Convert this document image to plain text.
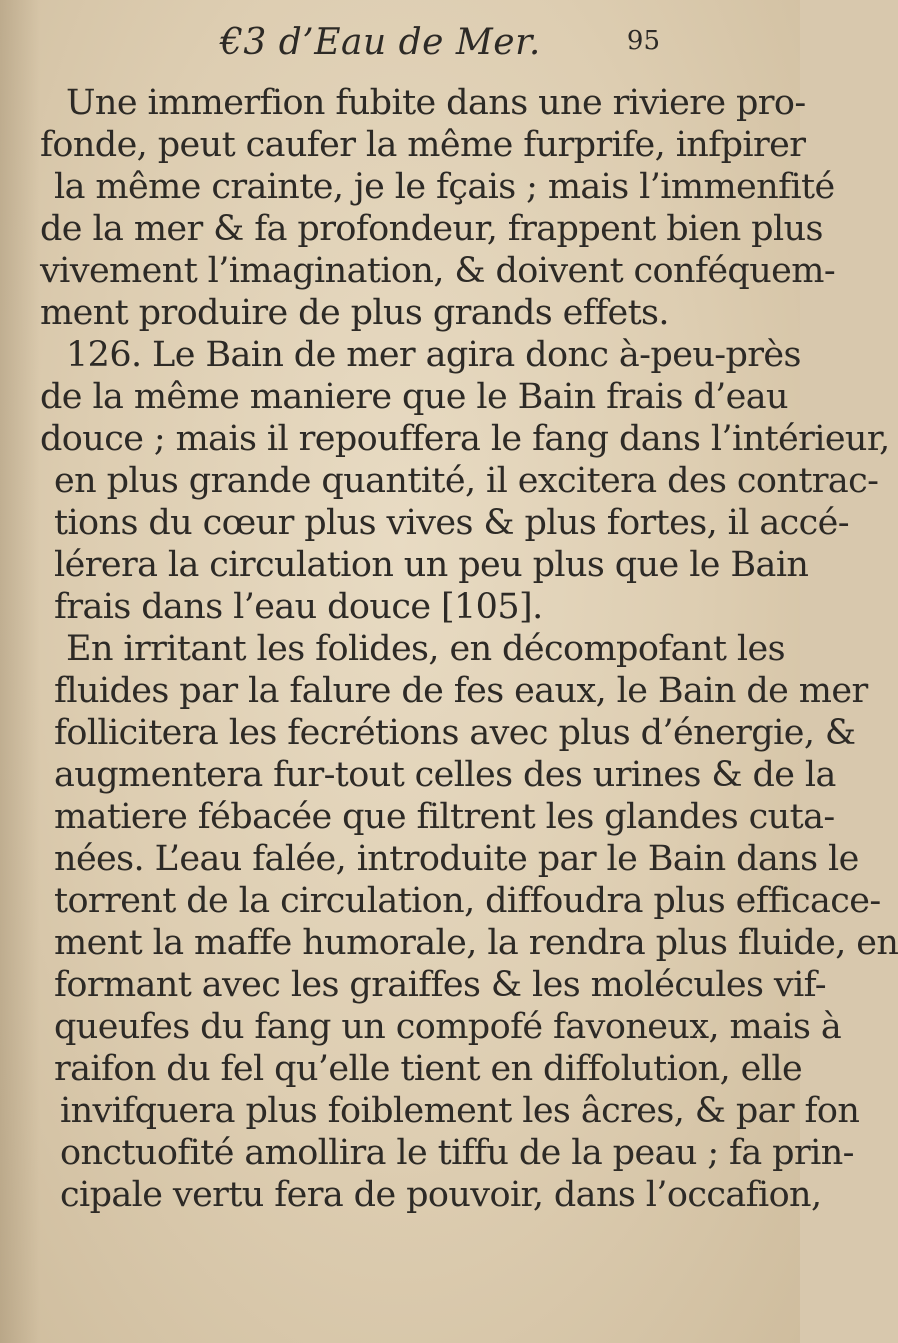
€3 d’Eau de Mer.	95
Une immerfion fubite dans une riviere pro-
fonde, peut caufer la même furprife, infpirer
la même crainte, je le fçais ; mais l’immenfité
de la mer & fa profondeur, frappent bien plus
vivement l’imagination, & doivent conféquem-
ment produire de plus grands effets.
126. Le Bain de mer agira donc à-peu-près
de la même maniere que le Bain frais d’eau
douce ; mais il repouffera le fang dans l’intérieur,
en plus grande quantité, il excitera des contrac-
tions du cœur plus vives & plus fortes, il accé-
lérera la circulation un peu plus que le Bain
frais dans l’eau douce [105].
En irritant les folides, en décompofant les
fluides par la falure de fes eaux, le Bain de mer
follicitera les fecrétions avec plus d’énergie, &
augmentera fur-tout celles des urines & de la
matiere fébacée que filtrent les glandes cuta-
nées. L’eau falée, introduite par le Bain dans le
torrent de la circulation, diffoudra plus efficace-
ment la maffe humorale, la rendra plus fluide, en
formant avec les graiffes & les molécules vif-
queufes du fang un compofé favoneux, mais à
raifon du fel qu’elle tient en diffolution, elle
invifquera plus foiblement les âcres, & par fon
onctuofité amollira le tiffu de la peau ; fa prin-
cipale vertu fera de pouvoir, dans l’occafion,
